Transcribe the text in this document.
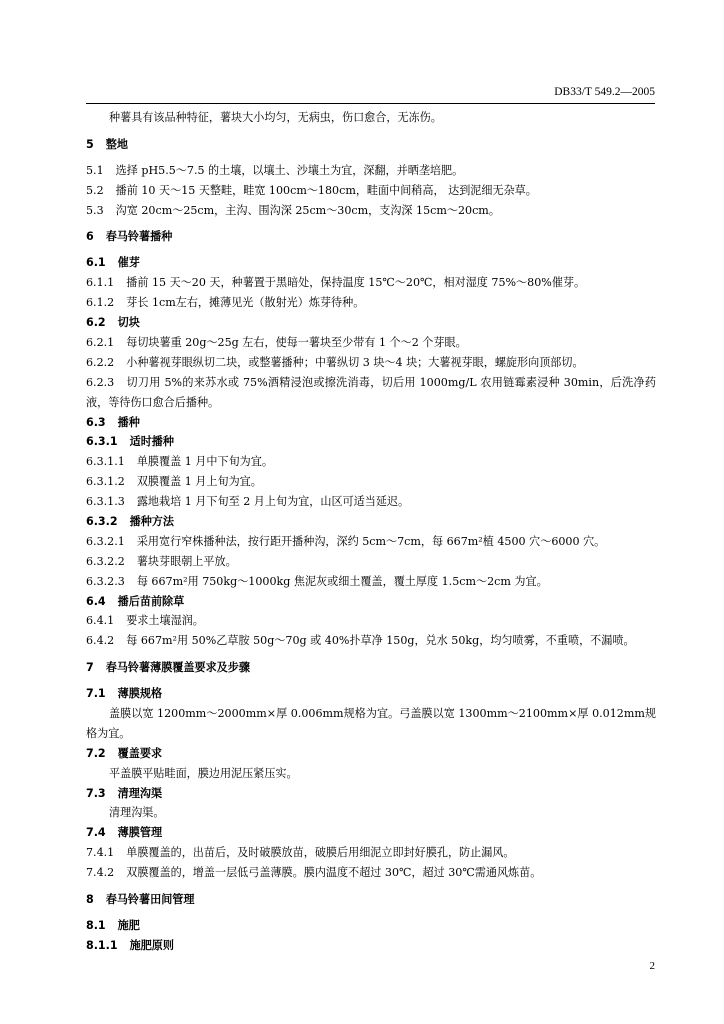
DB33/T 549.2—2005
种薯具有该品种特征，薯块大小均匀，无病虫，伤口愈合，无冻伤。
5 整地
5.1 选择 pH5.5～7.5 的土壤，以壤土、沙壤土为宜，深翻，并晒垄培肥。
5.2 播前 10 天～15 天整畦，畦宽 100cm～180cm，畦面中间稍高， 达到泥细无杂草。
5.3 沟宽 20cm～25cm，主沟、围沟深 25cm～30cm，支沟深 15cm～20cm。
6 春马铃薯播种
6.1 催芽
6.1.1 播前 15 天～20 天，种薯置于黑暗处，保持温度 15℃～20℃，相对湿度 75%～80%催芽。
6.1.2 芽长 1cm左右，摊薄见光（散射光）炼芽待种。
6.2 切块
6.2.1 每切块薯重 20g～25g 左右，使每一薯块至少带有 1 个～2 个芽眼。
6.2.2 小种薯视芽眼纵切二块，或整薯播种；中薯纵切 3 块～4 块；大薯视芽眼，螺旋形向顶部切。
6.2.3 切刀用 5%的来苏水或 75%酒精浸泡或擦洗消毒，切后用 1000mg/L 农用链霉素浸种 30min，后洗净药液，等待伤口愈合后播种。
6.3 播种
6.3.1 适时播种
6.3.1.1 单膜覆盖 1 月中下旬为宜。
6.3.1.2 双膜覆盖 1 月上旬为宜。
6.3.1.3 露地栽培 1 月下旬至 2 月上旬为宜，山区可适当延迟。
6.3.2 播种方法
6.3.2.1 采用宽行窄株播种法，按行距开播种沟，深约 5cm～7cm，每 667m²植 4500 穴～6000 穴。
6.3.2.2 薯块芽眼朝上平放。
6.3.2.3 每 667m²用 750kg～1000kg 焦泥灰或细土覆盖，覆土厚度 1.5cm～2cm 为宜。
6.4 播后苗前除草
6.4.1 要求土壤湿润。
6.4.2 每 667m²用 50%乙草胺 50g～70g 或 40%扑草净 150g，兑水 50kg，均匀喷雾，不重喷，不漏喷。
7 春马铃薯薄膜覆盖要求及步骤
7.1 薄膜规格
盖膜以宽 1200mm～2000mm×厚 0.006mm规格为宜。弓盖膜以宽 1300mm～2100mm×厚 0.012mm规格为宜。
7.2 覆盖要求
平盖膜平贴畦面，膜边用泥压紧压实。
7.3 清理沟渠
清理沟渠。
7.4 薄膜管理
7.4.1 单膜覆盖的，出苗后，及时破膜放苗，破膜后用细泥立即封好膜孔，防止漏风。
7.4.2 双膜覆盖的，增盖一层低弓盖薄膜。膜内温度不超过 30℃，超过 30℃需通风炼苗。
8 春马铃薯田间管理
8.1 施肥
8.1.1 施肥原则
2
